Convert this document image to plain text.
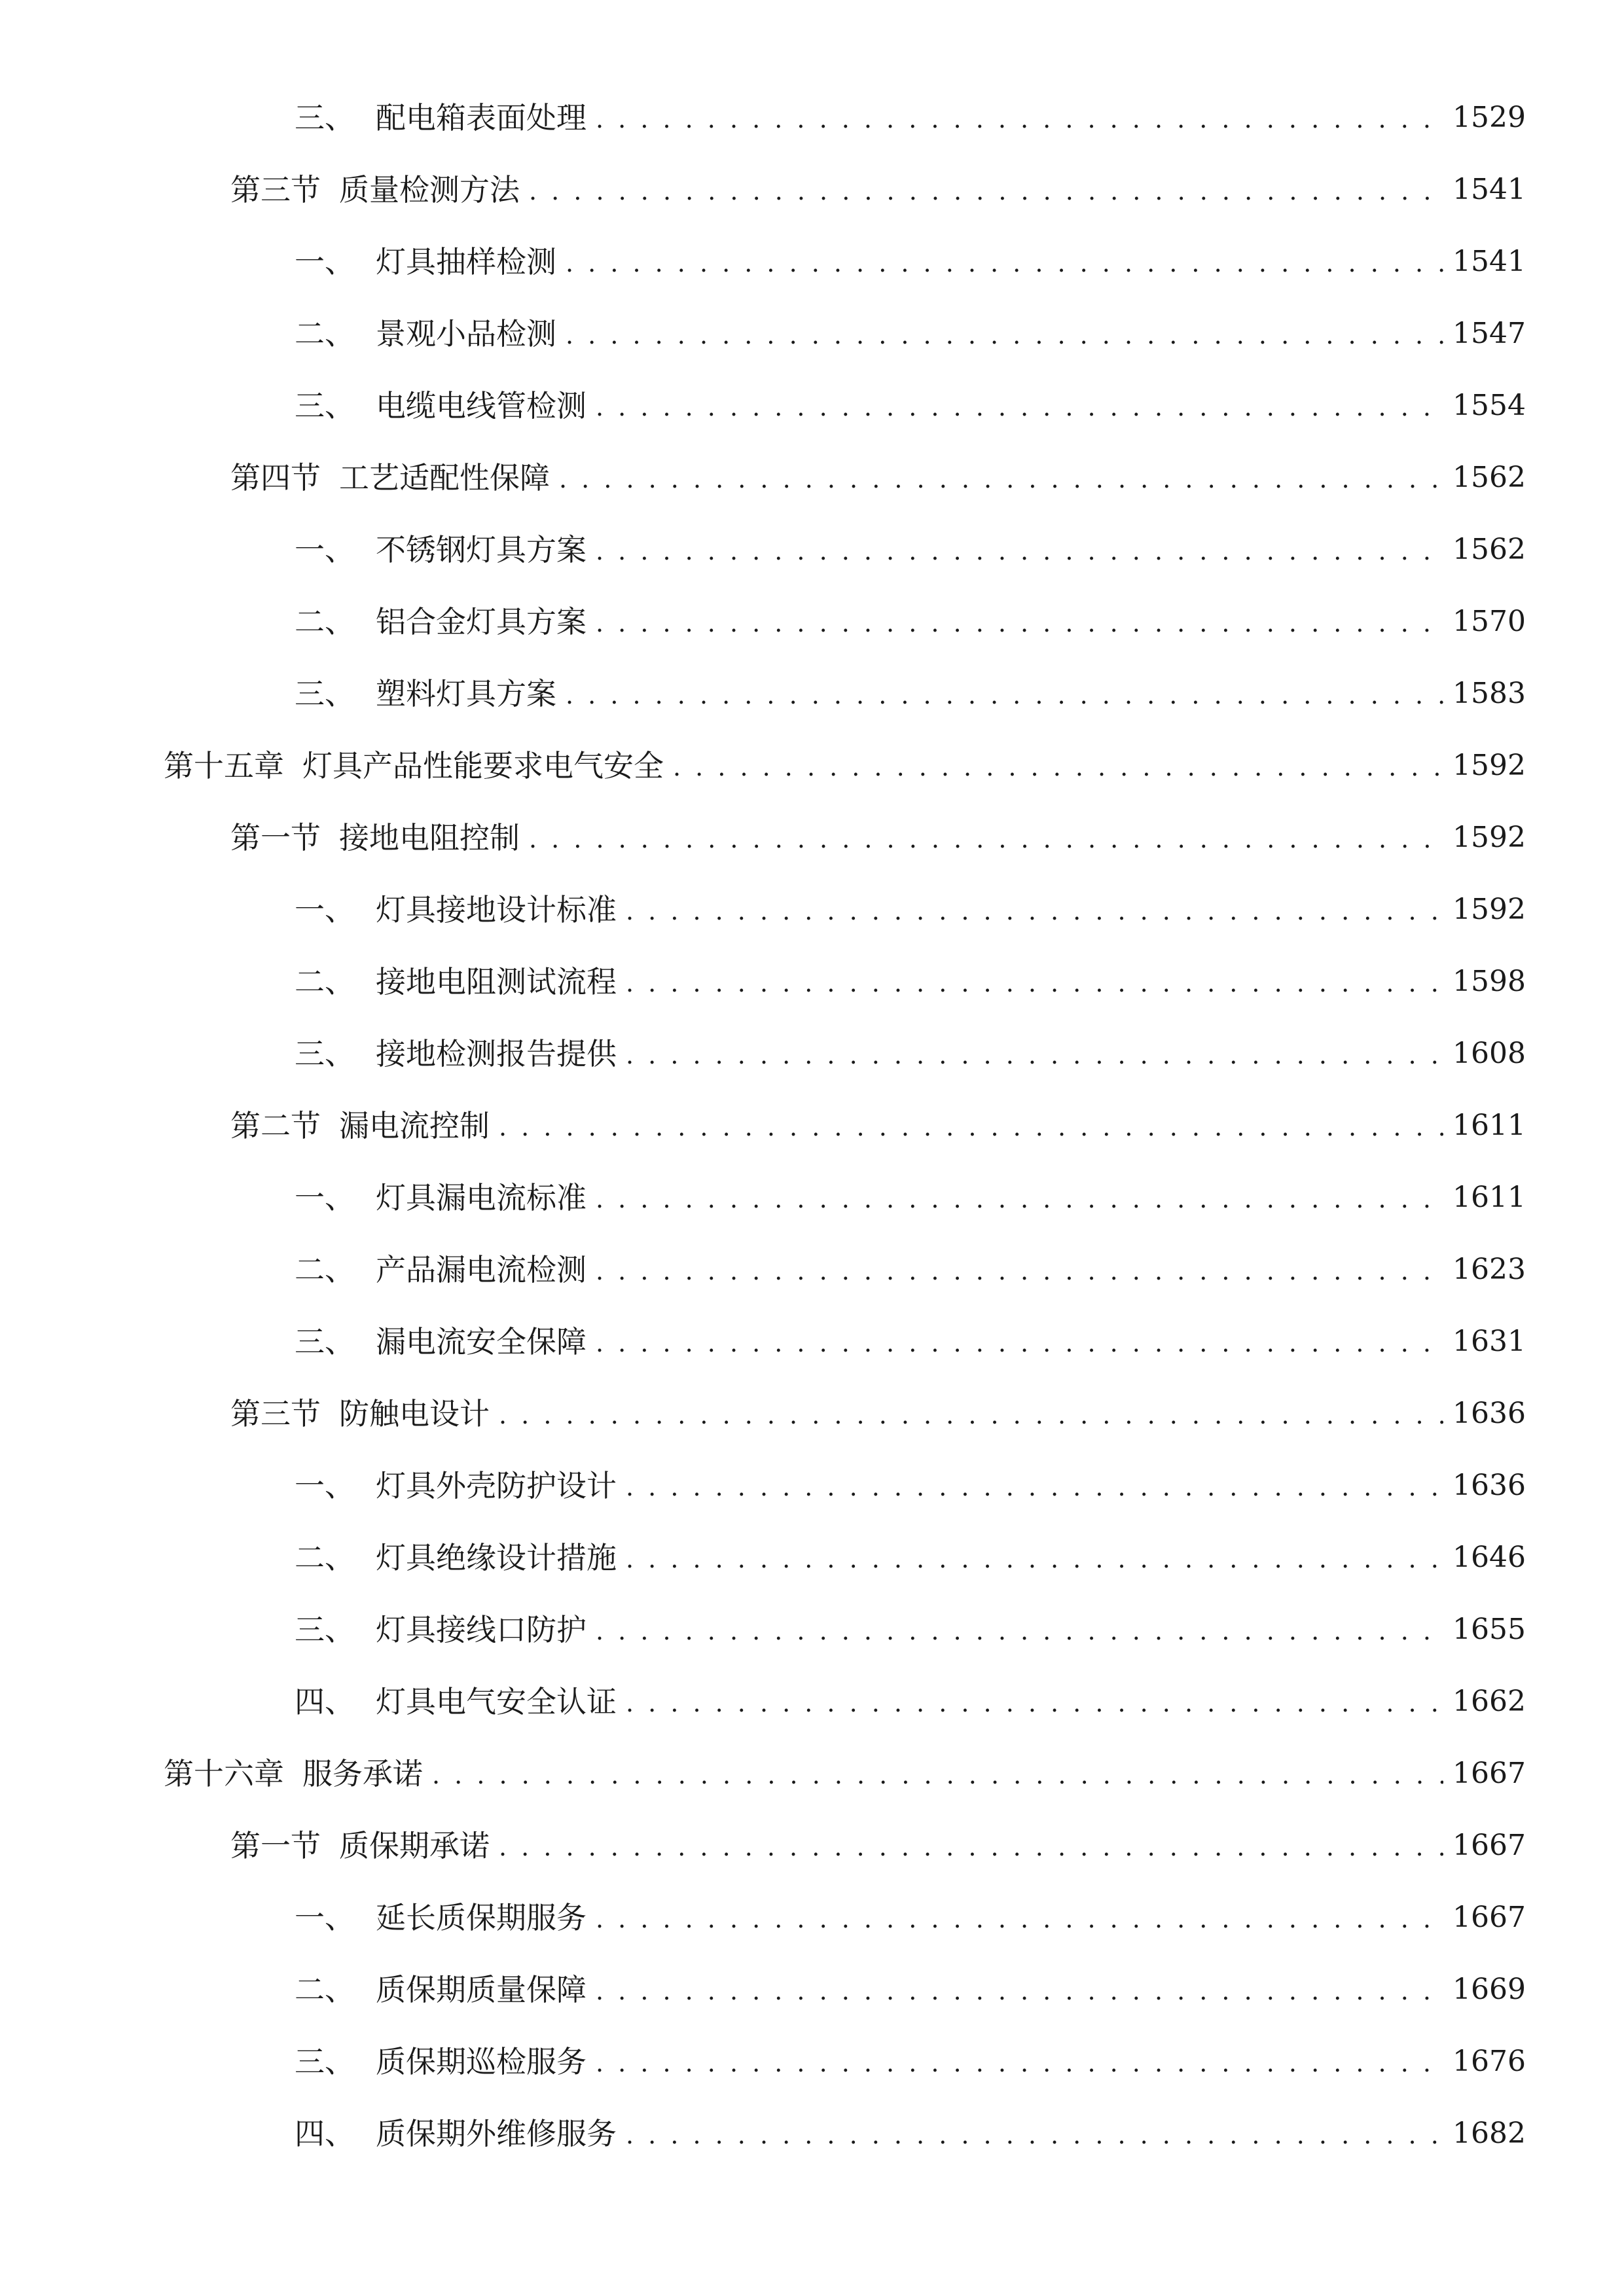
三、 配电箱表面处理 . . .	1529
第三节 质量检测方法 . . .	1541
一、 灯具抽样检测 . . .	1541
二、 景观小品检测 . . .	1547
三、 电缆电线管检测 . . .	1554
第四节 工艺适配性保障 . . .	1562
一、 不锈钢灯具方案 . . .	1562
二、 铝合金灯具方案 . . .	1570
三、 塑料灯具方案 . . .	1583
第十五章 灯具产品性能要求电气安全 . . .	1592
第一节 接地电阻控制 . . .	1592
一、 灯具接地设计标准 . . .	1592
二、 接地电阻测试流程 . . .	1598
三、 接地检测报告提供 . . .	1608
第二节 漏电流控制 . . .	1611
一、 灯具漏电流标准 . . .	1611
二、 产品漏电流检测 . . .	1623
三、 漏电流安全保障 . . .	1631
第三节 防触电设计 . . .	1636
一、 灯具外壳防护设计 . . .	1636
二、 灯具绝缘设计措施 . . .	1646
三、 灯具接线口防护 . . .	1655
四、 灯具电气安全认证 . . .	1662
第十六章 服务承诺 . . .	1667
第一节 质保期承诺 . . .	1667
一、 延长质保期服务 . . .	1667
二、 质保期质量保障 . . .	1669
三、 质保期巡检服务 . . .	1676
四、 质保期外维修服务 . . .	1682
